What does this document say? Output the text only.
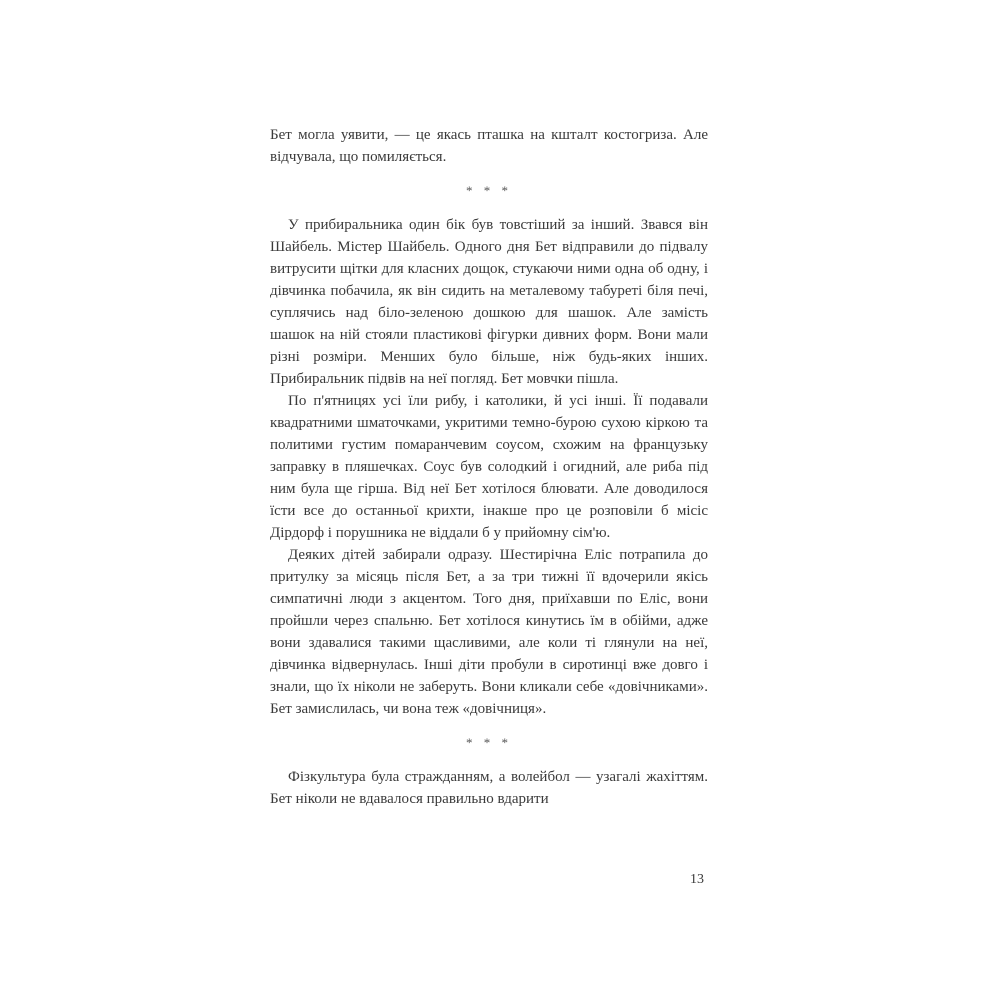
Бет могла уявити, — це якась пташка на кшталт костогриза. Але відчувала, що помиляється.

* * *

У прибиральника один бік був товстіший за інший. Звався він Шайбель. Містер Шайбель. Одного дня Бет відправили до підвалу витрусити щітки для класних дощок, стукаючи ними одна об одну, і дівчинка побачила, як він сидить на металевому табуреті біля печі, суплячись над біло-зеленою дошкою для шашок. Але замість шашок на ній стояли пластикові фігурки дивних форм. Вони мали різні розміри. Менших було більше, ніж будь-яких інших. Прибиральник підвів на неї погляд. Бет мовчки пішла.

По п'ятницях усі їли рибу, і католики, й усі інші. Її подавали квадратними шматочками, укритими темно-бурою сухою кіркою та политими густим помаранчевим соусом, схожим на французьку заправку в пляшечках. Соус був солодкий і огидний, але риба під ним була ще гірша. Від неї Бет хотілося блювати. Але доводилося їсти все до останньої крихти, інакше про це розповіли б місіс Дірдорф і порушника не віддали б у прийомну сім'ю.

Деяких дітей забирали одразу. Шестирічна Еліс потрапила до притулку за місяць після Бет, а за три тижні її вдочерили якісь симпатичні люди з акцентом. Того дня, приїхавши по Еліс, вони пройшли через спальню. Бет хотілося кинутись їм в обійми, адже вони здавалися такими щасливими, але коли ті глянули на неї, дівчинка відвернулась. Інші діти пробули в сиротинці вже довго і знали, що їх ніколи не заберуть. Вони кликали себе «довічниками». Бет замислилась, чи вона теж «довічниця».

* * *

Фізкультура була стражданням, а волейбол — узагалі жахіттям. Бет ніколи не вдавалося правильно вдарити

13
